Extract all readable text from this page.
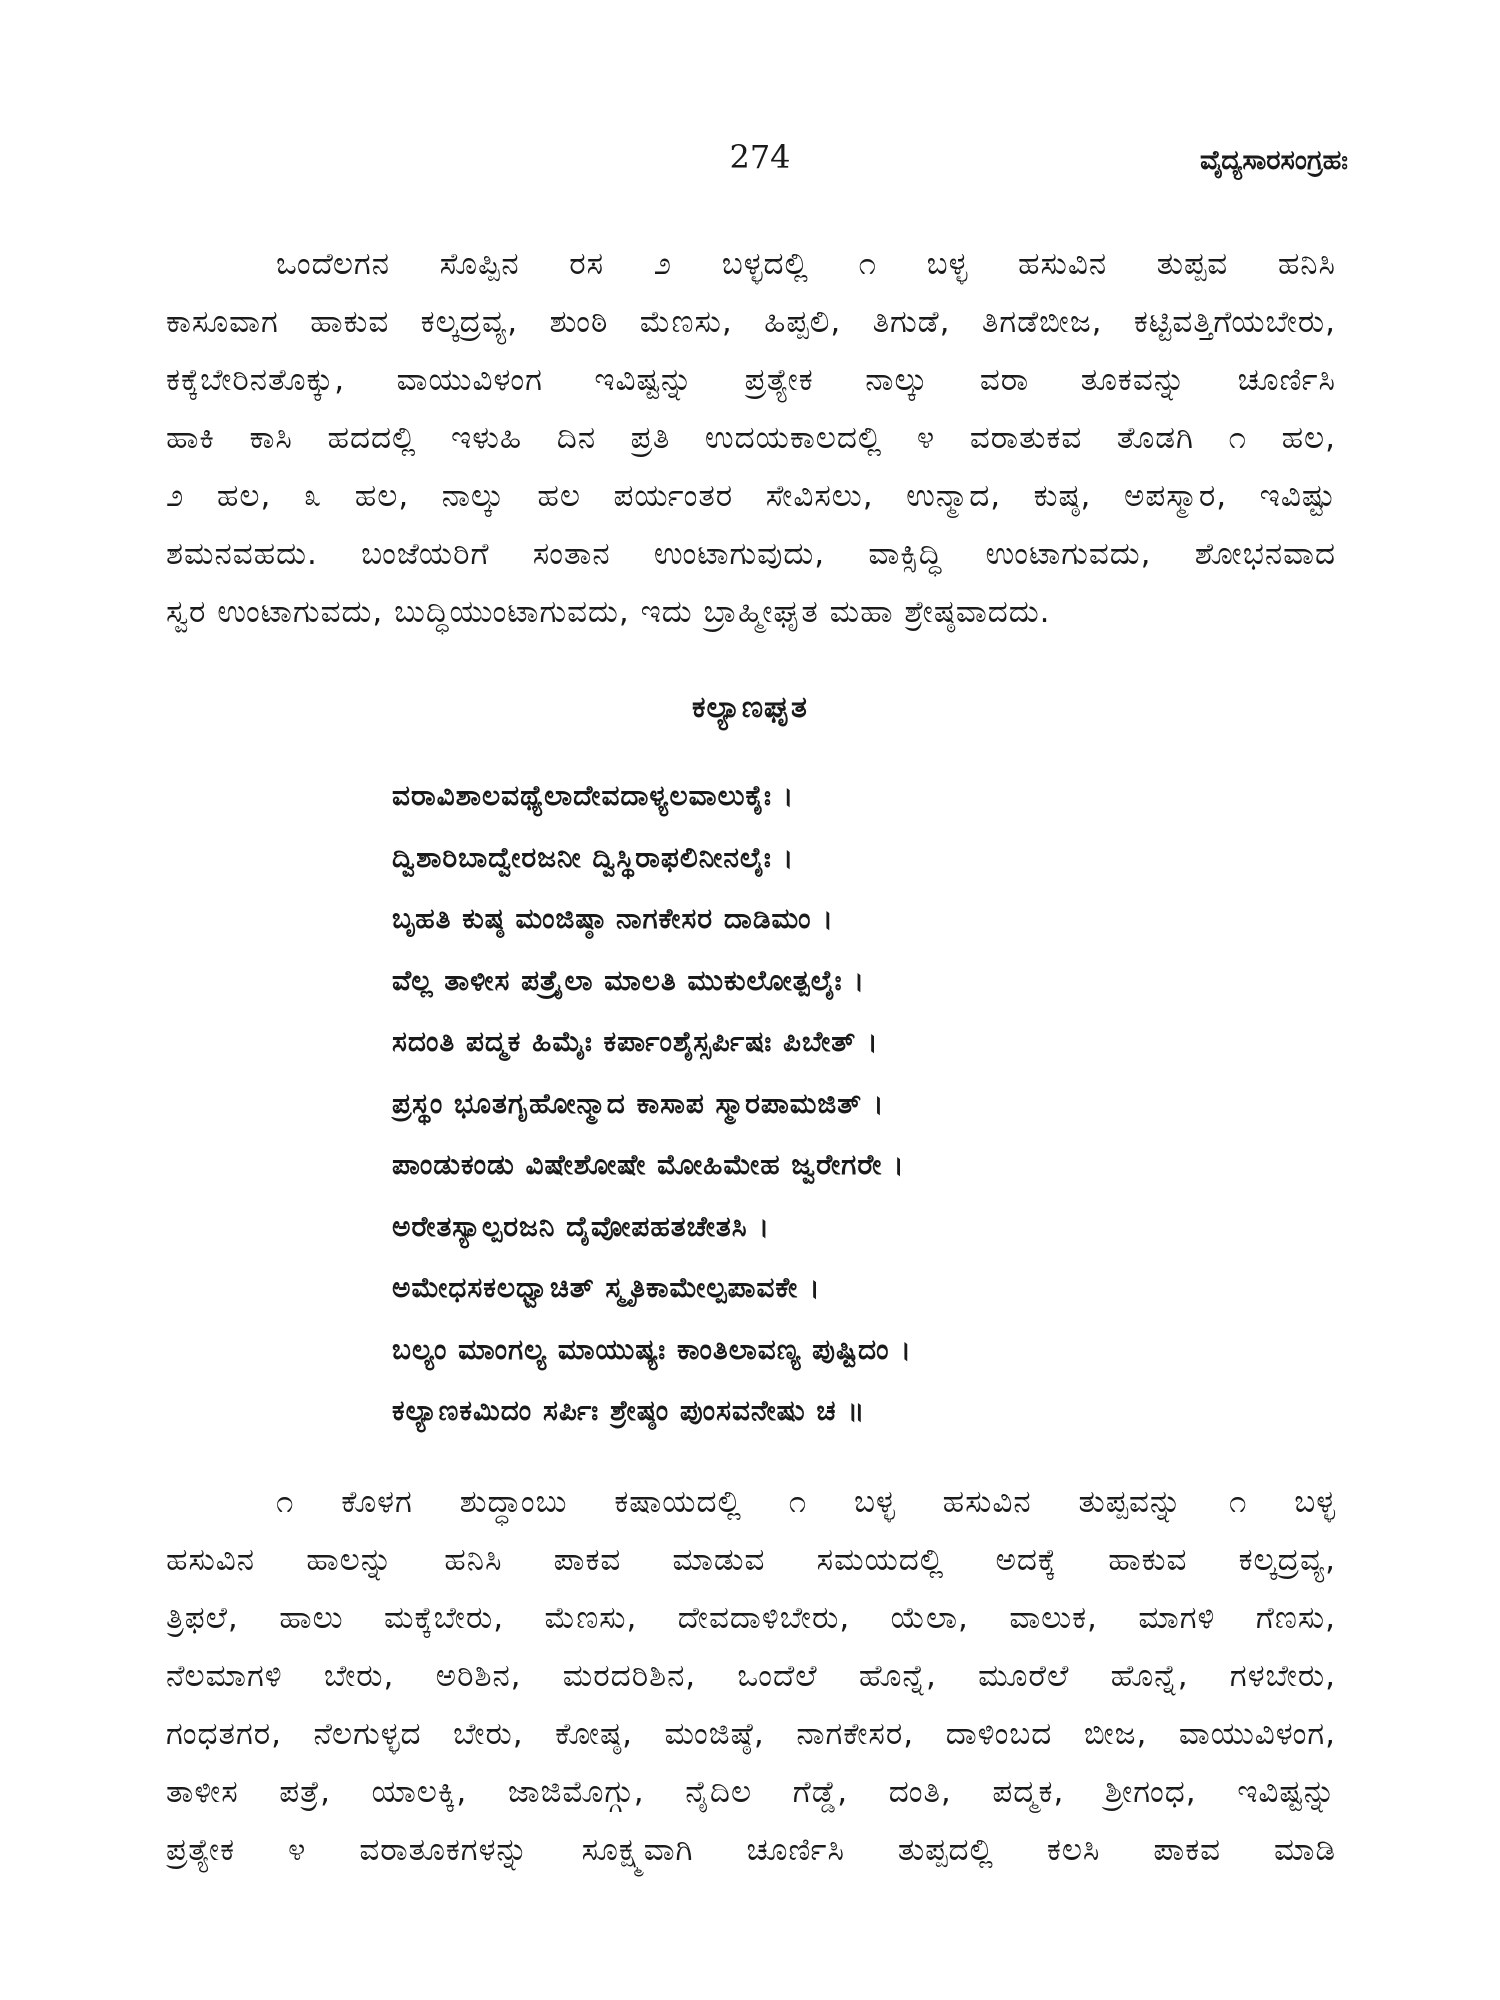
274	ವೈದ್ಯಸಾರಸಂಗ್ರಹಃ
ಒಂದೆಲಗನ ಸೊಪ್ಪಿನ ರಸ ೨ ಬಳ್ಳದಲ್ಲಿ ೧ ಬಳ್ಳ ಹಸುವಿನ ತುಪ್ಪವ ಹನಿಸಿ
ಕಾಸೂವಾಗ ಹಾಕುವ ಕಲ್ಕದ್ರವ್ಯ, ಶುಂಠಿ ಮೆಣಸು, ಹಿಪ್ಪಲಿ, ತಿಗುಡೆ, ತಿಗಡೆಬೀಜ, ಕಟ್ಟಿವತ್ತಿಗೆಯಬೇರು,
ಕಕ್ಕೆಬೇರಿನತೊಕ್ಕು, ವಾಯುವಿಳಂಗ ಇವಿಷ್ಟನ್ನು ಪ್ರತ್ಯೇಕ ನಾಲ್ಕು ವರಾ ತೂಕವನ್ನು ಚೂರ್ಣಿಸಿ
ಹಾಕಿ ಕಾಸಿ ಹದದಲ್ಲಿ ಇಳುಹಿ ದಿನ ಪ್ರತಿ ಉದಯಕಾಲದಲ್ಲಿ ೪ ವರಾತುಕವ ತೊಡಗಿ ೧ ಹಲ,
೨ ಹಲ, ೩ ಹಲ, ನಾಲ್ಕು ಹಲ ಪರ್ಯಂತರ ಸೇವಿಸಲು, ಉನ್ಮಾದ, ಕುಷ್ಠ, ಅಪಸ್ಮಾರ, ಇವಿಷ್ಟು
ಶಮನವಹದು. ಬಂಜೆಯರಿಗೆ ಸಂತಾನ ಉಂಟಾಗುವುದು, ವಾಕ್ಸಿದ್ಧಿ ಉಂಟಾಗುವದು, ಶೋಭನವಾದ
ಸ್ವರ ಉಂಟಾಗುವದು, ಬುದ್ಧಿಯುಂಟಾಗುವದು, ಇದು ಬ್ರಾಹ್ಮೀಘೃತ ಮಹಾ ಶ್ರೇಷ್ಠವಾದದು.
ಕಲ್ಯಾಣಘೃತ
ವರಾವಿಶಾಲವಥ್ಯೆಲಾದೇವದಾಳ್ಯಲವಾಲುಕೈಃ ।
ದ್ವಿಶಾರಿಬಾದ್ವೇರಜನೀ ದ್ವಿಸ್ಥಿರಾಫಲಿನೀನಲೈಃ ।
ಬೃಹತಿ ಕುಷ್ಠ ಮಂಜಿಷ್ಠಾ ನಾಗಕೇಸರ ದಾಡಿಮಂ ।
ವೆಲ್ಲ ತಾಳೀಸ ಪತ್ರೈಲಾ ಮಾಲತಿ ಮುಕುಲೋತ್ಪಲೈಃ ।
ಸದಂತಿ ಪದ್ಮಕ ಹಿಮೈಃ ಕರ್ಪಾಂಶೈಸ್ಸರ್ಪಿಷಃ ಪಿಬೇತ್ ।
ಪ್ರಸ್ಥಂ ಭೂತಗೃಹೋನ್ಮಾದ ಕಾಸಾಪ ಸ್ಮಾರಪಾಮಜಿತ್ ।
ಪಾಂಡುಕಂಡು ವಿಷೇಶೋಷೇ ಮೋಹಿಮೇಹ ಜ್ವರೇಗರೇ ।
ಅರೇತಸ್ಯಾಲ್ಪರಜನಿ ದೈವೋಪಹತಚೇತಸಿ ।
ಅಮೇಧಸಕಲಧ್ವಾಚಿತ್ ಸ್ಮೃತಿಕಾಮೇಲ್ಪಪಾವಕೇ ।
ಬಲ್ಯಂ ಮಾಂಗಲ್ಯ ಮಾಯುಷ್ಯಃ ಕಾಂತಿಲಾವಣ್ಯ ಪುಷ್ಟಿದಂ ।
ಕಲ್ಯಾಣಕಮಿದಂ ಸರ್ಪಿಃ ಶ್ರೇಷ್ಠಂ ಪುಂಸವನೇಷು ಚ ॥
೧ ಕೊಳಗ ಶುದ್ಧಾಂಬು ಕಷಾಯದಲ್ಲಿ ೧ ಬಳ್ಳ ಹಸುವಿನ ತುಪ್ಪವನ್ನು ೧ ಬಳ್ಳ
ಹಸುವಿನ ಹಾಲನ್ನು ಹನಿಸಿ ಪಾಕವ ಮಾಡುವ ಸಮಯದಲ್ಲಿ ಅದಕ್ಕೆ ಹಾಕುವ ಕಲ್ಕದ್ರವ್ಯ,
ತ್ರಿಫಲೆ, ಹಾಲು ಮಕ್ಕೆಬೇರು, ಮೆಣಸು, ದೇವದಾಳಿಬೇರು, ಯೆಲಾ, ವಾಲುಕ, ಮಾಗಳಿ ಗೆಣಸು,
ನೆಲಮಾಗಳಿ ಬೇರು, ಅರಿಶಿನ, ಮರದರಿಶಿನ, ಒಂದೆಲೆ ಹೊನ್ನೆ, ಮೂರೆಲೆ ಹೊನ್ನೆ, ಗಳಬೇರು,
ಗಂಧತಗರ, ನೆಲಗುಳ್ಳದ ಬೇರು, ಕೋಷ್ಠ, ಮಂಜಿಷ್ಠೆ, ನಾಗಕೇಸರ, ದಾಳಿಂಬದ ಬೀಜ, ವಾಯುವಿಳಂಗ,
ತಾಳೀಸ ಪತ್ರೆ, ಯಾಲಕ್ಕಿ, ಜಾಜಿಮೊಗ್ಗು, ನೈದಿಲ ಗೆಡ್ಡೆ, ದಂತಿ, ಪದ್ಮಕ, ಶ್ರೀಗಂಧ, ಇವಿಷ್ಟನ್ನು
ಪ್ರತ್ಯೇಕ ೪ ವರಾತೂಕಗಳನ್ನು ಸೂಕ್ಷ್ಮವಾಗಿ ಚೂರ್ಣಿಸಿ ತುಪ್ಪದಲ್ಲಿ ಕಲಸಿ ಪಾಕವ ಮಾಡಿ
